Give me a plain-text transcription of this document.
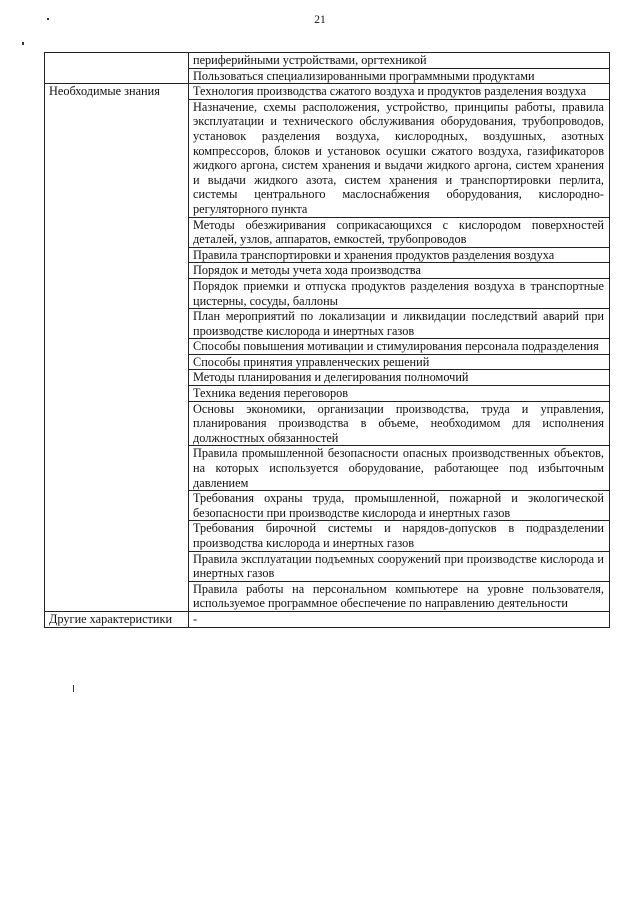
21
	периферийными устройствами, оргтехникой
	Пользоваться специализированными программными продуктами
Необходимые знания	Технология производства сжатого воздуха и продуктов разделения воздуха
	Назначение, схемы расположения, устройство, принципы работы, правила эксплуатации и технического обслуживания оборудования, трубопроводов, установок разделения воздуха, кислородных, воздушных, азотных компрессоров, блоков и установок осушки сжатого воздуха, газификаторов жидкого аргона, систем хранения и выдачи жидкого аргона, систем хранения и выдачи жидкого азота, систем хранения и транспортировки перлита, системы центрального маслоснабжения оборудования, кислородно-регуляторного пункта
	Методы обезжиривания соприкасающихся с кислородом поверхностей деталей, узлов, аппаратов, емкостей, трубопроводов
	Правила транспортировки и хранения продуктов разделения воздуха
	Порядок и методы учета хода производства
	Порядок приемки и отпуска продуктов разделения воздуха в транспортные цистерны, сосуды, баллоны
	План мероприятий по локализации и ликвидации последствий аварий при производстве кислорода и инертных газов
	Способы повышения мотивации и стимулирования персонала подразделения
	Способы принятия управленческих решений
	Методы планирования и делегирования полномочий
	Техника ведения переговоров
	Основы экономики, организации производства, труда и управления, планирования производства в объеме, необходимом для исполнения должностных обязанностей
	Правила промышленной безопасности опасных производственных объектов, на которых используется оборудование, работающее под избыточным давлением
	Требования охраны труда, промышленной, пожарной и экологической безопасности при производстве кислорода и инертных газов
	Требования бирочной системы и нарядов-допусков в подразделении производства кислорода и инертных газов
	Правила эксплуатации подъемных сооружений при производстве кислорода и инертных газов
	Правила работы на персональном компьютере на уровне пользователя, используемое программное обеспечение по направлению деятельности
Другие характеристики	-
